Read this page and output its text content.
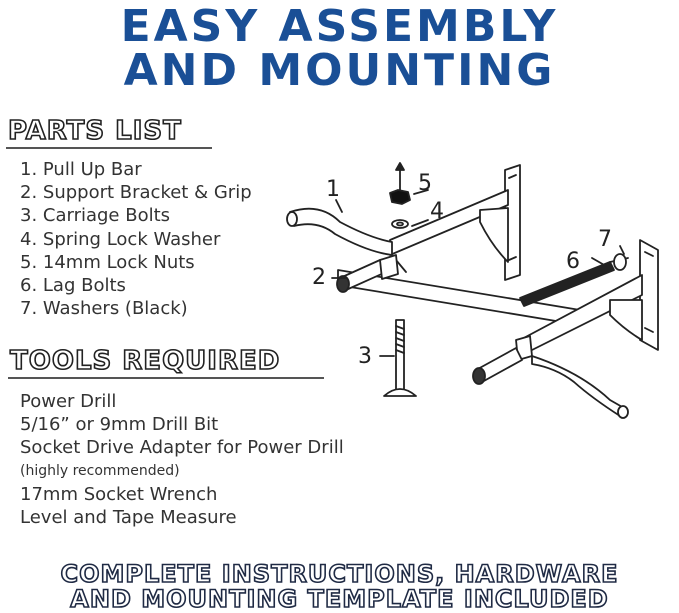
EASY ASSEMBLY
AND MOUNTING
PARTS LIST
1. Pull Up Bar
2. Support Bracket & Grip
3. Carriage Bolts
4. Spring Lock Washer
5. 14mm Lock Nuts
6. Lag Bolts
7. Washers (Black)
TOOLS REQUIRED
Power Drill
5/16” or 9mm Drill Bit
Socket Drive Adapter for Power Drill
(highly recommended)
17mm Socket Wrench
Level and Tape Measure
1
2
3
4
5
6
7
COMPLETE INSTRUCTIONS, HARDWARE
AND MOUNTING TEMPLATE INCLUDED
